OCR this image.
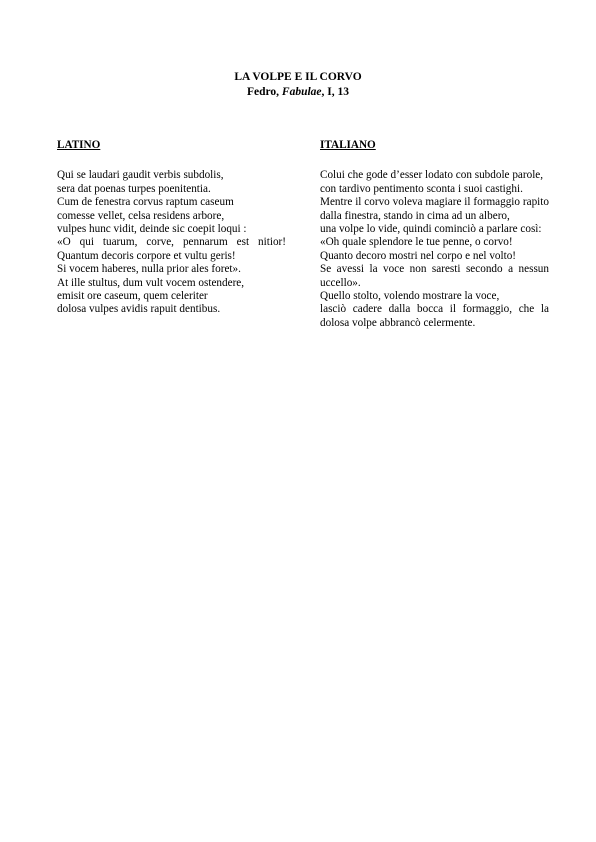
LA VOLPE E IL CORVO
Fedro, Fabulae, I, 13
LATINO
Qui se laudari gaudit verbis subdolis,
sera dat poenas turpes poenitentia.
Cum de fenestra corvus raptum caseum
comesse vellet, celsa residens arbore,
vulpes hunc vidit, deinde sic coepit loqui :
«O qui tuarum, corve, pennarum est nitior!
Quantum decoris corpore et vultu geris!
Si vocem haberes, nulla prior ales foret».
At ille stultus, dum vult vocem ostendere,
emisit ore caseum, quem celeriter
dolosa vulpes avidis rapuit dentibus.
ITALIANO
Colui che gode d’esser lodato con subdole parole,
con tardivo pentimento sconta i suoi castighi.
Mentre il corvo voleva magiare il formaggio rapito dalla finestra, stando in cima ad un albero,
una volpe lo vide, quindi cominciò a parlare così:
«Oh quale splendore le tue penne, o corvo!
Quanto decoro mostri nel corpo e nel volto!
Se avessi la voce non saresti secondo a nessun uccello».
Quello stolto, volendo mostrare la voce,
lasciò cadere dalla bocca il formaggio, che la dolosa volpe abbrancò celermente.
